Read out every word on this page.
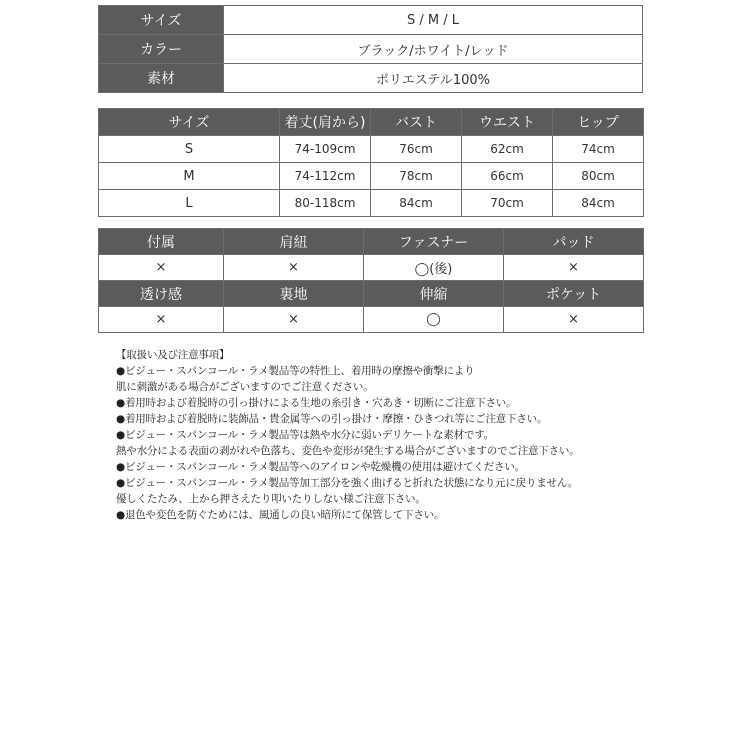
サイズ	S / M / L
カラー	ブラック/ホワイト/レッド
素材	ポリエステル100%
サイズ	着丈(肩から)	バスト	ウエスト	ヒップ
S	74-109cm	76cm	62cm	74cm
M	74-112cm	78cm	66cm	80cm
L	80-118cm	84cm	70cm	84cm
付属	肩紐	ファスナー	パッド
×	×	◯(後)	×
透け感	裏地	伸縮	ポケット
×	×	◯	×
【取扱い及び注意事項】
●ビジュー・スパンコール・ラメ製品等の特性上、着用時の摩擦や衝撃により
肌に刺激がある場合がございますのでご注意ください。
●着用時および着脱時の引っ掛けによる生地の糸引き・穴あき・切断にご注意下さい。
●着用時および着脱時に装飾品・貴金属等への引っ掛け・摩擦・ひきつれ等にご注意下さい。
●ビジュー・スパンコール・ラメ製品等は熱や水分に弱いデリケートな素材です。
熱や水分による表面の剥がれや色落ち、変色や変形が発生する場合がございますのでご注意下さい。
●ビジュー・スパンコール・ラメ製品等へのアイロンや乾燥機の使用は避けてください。
●ビジュー・スパンコール・ラメ製品等加工部分を強く曲げると折れた状態になり元に戻りません。
優しくたたみ、上から押さえたり叩いたりしない様ご注意下さい。
●退色や変色を防ぐためには、風通しの良い暗所にて保管して下さい。
